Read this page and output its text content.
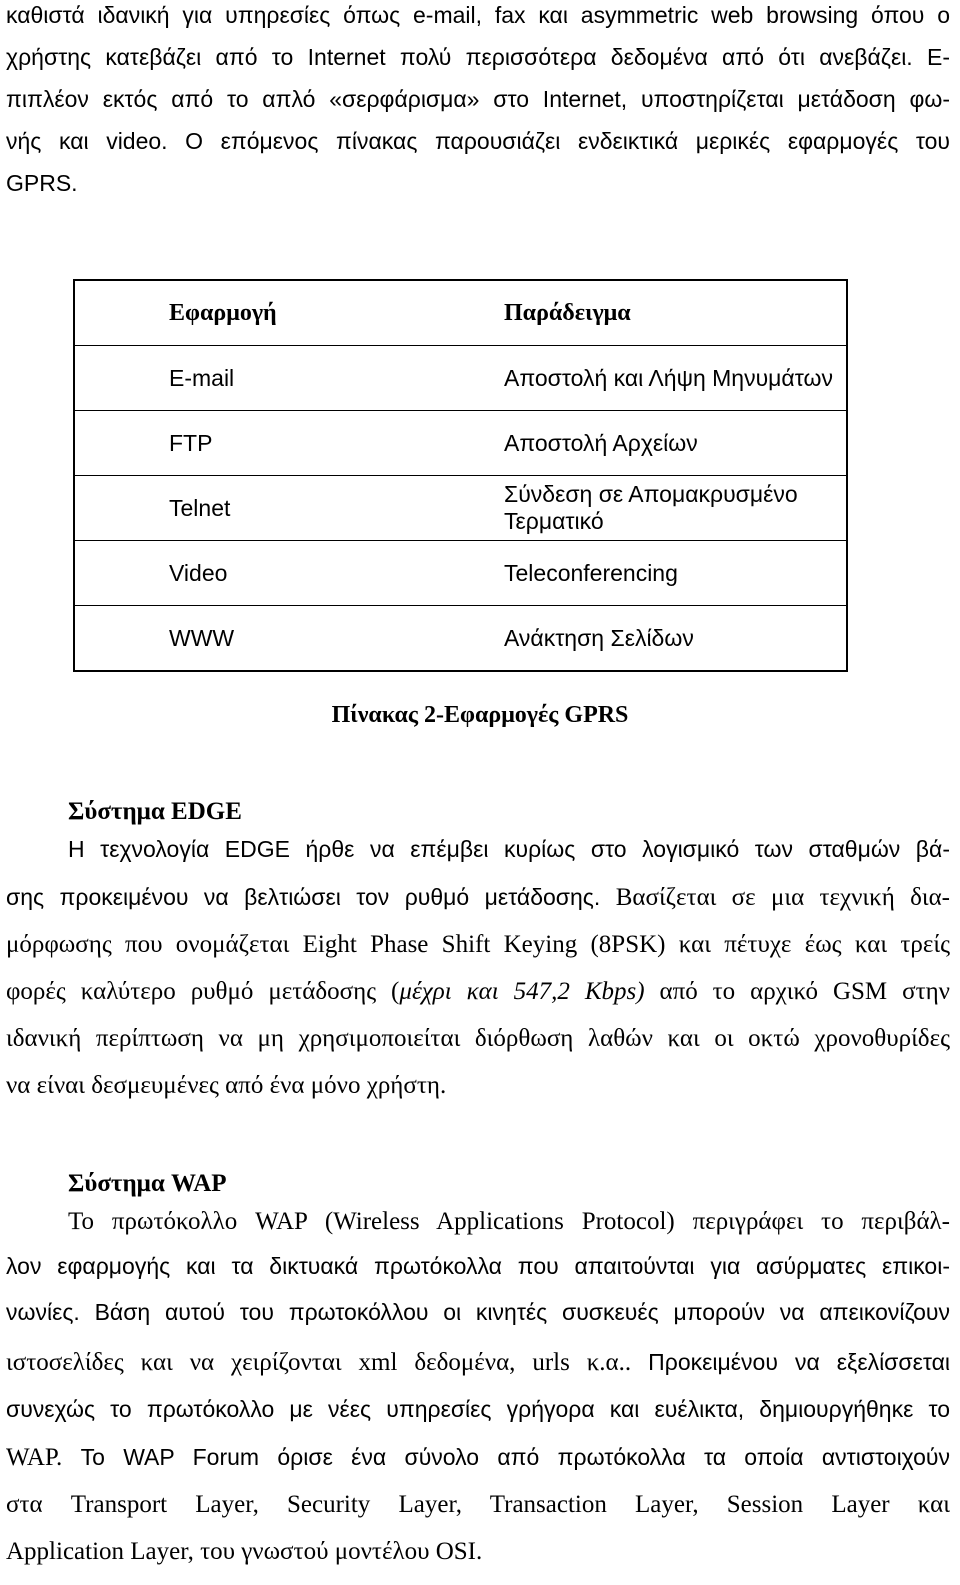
καθιστά ιδανική για υπηρεσίες όπως e-mail, fax και asymmetric web browsing όπου ο
χρήστης κατεβάζει από το Internet πολύ περισσότερα δεδομένα από ότι ανεβάζει. Ε-
πιπλέον εκτός από το απλό «σερφάρισμα» στο Internet, υποστηρίζεται μετάδοση φω-
νής και video. Ο επόμενος πίνακας παρουσιάζει ενδεικτικά μερικές εφαρμογές του
GPRS.
Εφαρμογή	Παράδειγμα
E-mail	Αποστολή και Λήψη Μηνυμάτων
FTP	Αποστολή Αρχείων
Telnet	Σύνδεση σε Απομακρυσμένο Τερματικό
Video	Teleconferencing
WWW	Ανάκτηση Σελίδων
Πίνακας 2-Εφαρμογές GPRS
Σύστημα EDGE
Η τεχνολογία EDGE ήρθε να επέμβει κυρίως στο λογισμικό των σταθμών βά-
σης προκειμένου να βελτιώσει τον ρυθμό μετάδοσης. Βασίζεται σε μια τεχνική δια-
μόρφωσης που ονομάζεται Eight Phase Shift Keying (8PSK) και πέτυχε έως και τρείς
φορές καλύτερο ρυθμό μετάδοσης (μέχρι και 547,2 Kbps) από το αρχικό GSM στην
ιδανική περίπτωση να μη χρησιμοποιείται διόρθωση λαθών και οι οκτώ χρονοθυρίδες
να είναι δεσμευμένες από ένα μόνο χρήστη.
Σύστημα WAP
Το πρωτόκολλο WAP (Wireless Applications Protocol) περιγράφει το περιβάλ-
λον εφαρμογής και τα δικτυακά πρωτόκολλα που απαιτούνται για ασύρματες επικοι-
νωνίες. Βάση αυτού του πρωτοκόλλου οι κινητές συσκευές μπορούν να απεικονίζουν
ιστοσελίδες και να χειρίζονται xml δεδομένα, urls κ.α.. Προκειμένου να εξελίσσεται
συνεχώς το πρωτόκολλο με νέες υπηρεσίες γρήγορα και ευέλικτα, δημιουργήθηκε το
WAP. Το WAP Forum όρισε ένα σύνολο από πρωτόκολλα τα οποία αντιστοιχούν
στα Transport Layer, Security Layer, Transaction Layer, Session Layer και
Application Layer, του γνωστού μοντέλου OSI.
